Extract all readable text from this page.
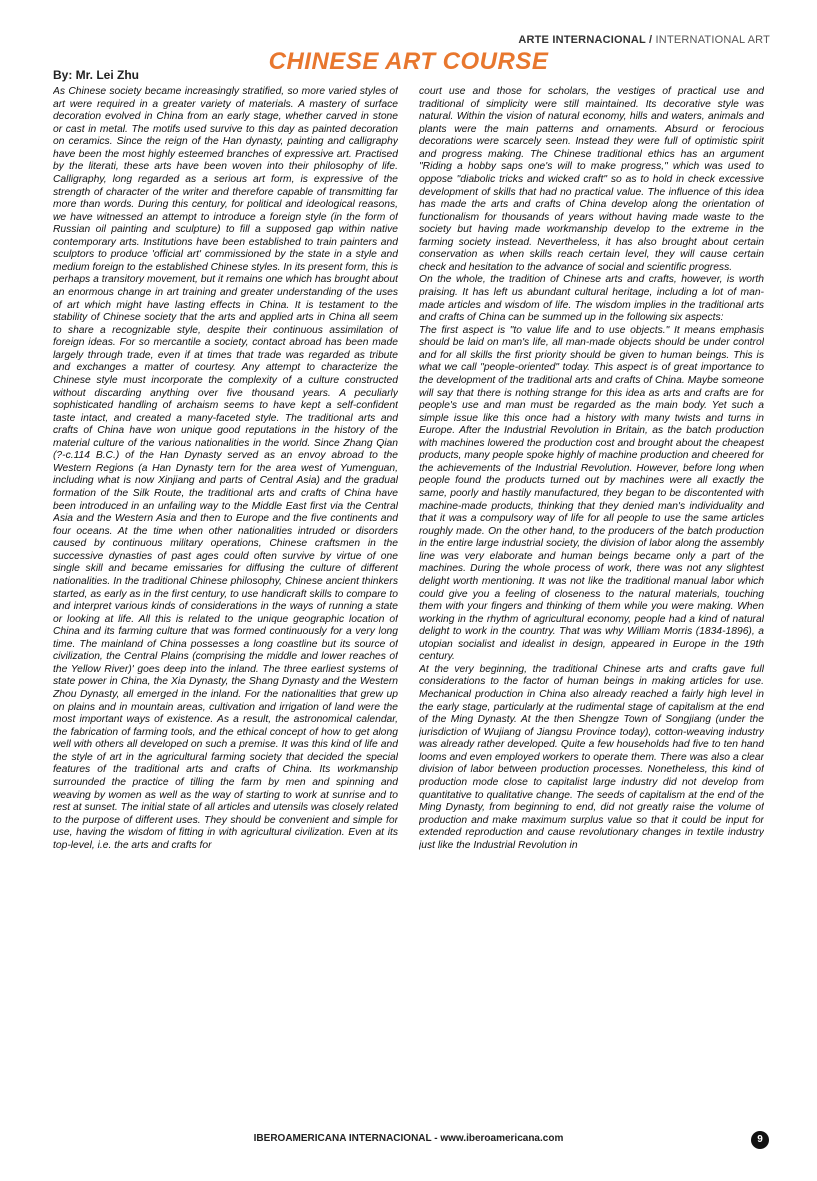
ARTE INTERNACIONAL / INTERNATIONAL ART
CHINESE ART COURSE
By: Mr. Lei Zhu

As Chinese society became increasingly stratified, so more varied styles of art were required in a greater variety of materials. A mastery of surface decoration evolved in China from an early stage, whether carved in stone or cast in metal. The motifs used survive to this day as painted decoration on ceramics. Since the reign of the Han dynasty, painting and calligraphy have been the most highly esteemed branches of expressive art. Practised by the literati, these arts have been woven into their philosophy of life. Calligraphy, long regarded as a serious art form, is expressive of the strength of character of the writer and therefore capable of transmitting far more than words. During this century, for political and ideological reasons, we have witnessed an attempt to introduce a foreign style (in the form of Russian oil painting and sculpture) to fill a supposed gap within native contemporary arts. Institutions have been established to train painters and sculptors to produce 'official art' commissioned by the state in a style and medium foreign to the established Chinese styles. In its present form, this is perhaps a transitory movement, but it remains one which has brought about an enormous change in art training and greater understanding of the uses of art which might have lasting effects in China. It is testament to the stability of Chinese society that the arts and applied arts in China all seem to share a recognizable style, despite their continuous assimilation of foreign ideas. For so mercantile a society, contact abroad has been made largely through trade, even if at times that trade was regarded as tribute and exchanges a matter of courtesy. Any attempt to characterize the Chinese style must incorporate the complexity of a culture constructed without discarding anything over five thousand years. A peculiarly sophisticated handling of archaism seems to have kept a self-confident taste intact, and created a many-faceted style. The traditional arts and crafts of China have won unique good reputations in the history of the material culture of the various nationalities in the world. Since Zhang Qian (?-c.114 B.C.) of the Han Dynasty served as an envoy abroad to the Western Regions (a Han Dynasty tern for the area west of Yumenguan, including what is now Xinjiang and parts of Central Asia) and the gradual formation of the Silk Route, the traditional arts and crafts of China have been introduced in an unfailing way to the Middle East first via the Central Asia and the Western Asia and then to Europe and the five continents and four oceans. At the time when other nationalities intruded or disorders caused by continuous military operations, Chinese craftsmen in the successive dynasties of past ages could often survive by virtue of one single skill and became emissaries for diffusing the culture of different nationalities. In the traditional Chinese philosophy, Chinese ancient thinkers started, as early as in the first century, to use handicraft skills to compare to and interpret various kinds of considerations in the ways of running a state or looking at life. All this is related to the unique geographic location of China and its farming culture that was formed continuously for a very long time. The mainland of China possesses a long coastline but its source of civilization, the Central Plains (comprising the middle and lower reaches of the Yellow River)' goes deep into the inland. The three earliest systems of state power in China, the Xia Dynasty, the Shang Dynasty and the Western Zhou Dynasty, all emerged in the inland. For the nationalities that grew up on plains and in mountain areas, cultivation and irrigation of land were the most important ways of existence. As a result, the astronomical calendar, the fabrication of farming tools, and the ethical concept of how to get along well with others all developed on such a premise. It was this kind of life and the style of art in the agricultural farming society that decided the special features of the traditional arts and crafts of China. Its workmanship surrounded the practice of tilling the farm by men and spinning and weaving by women as well as the way of starting to work at sunrise and to rest at sunset. The initial state of all articles and utensils was closely related to the purpose of different uses. They should be convenient and simple for use, having the wisdom of fitting in with agricultural civilization. Even at its top-level, i.e. the arts and crafts for

court use and those for scholars, the vestiges of practical use and traditional of simplicity were still maintained. Its decorative style was natural. Within the vision of natural economy, hills and waters, animals and plants were the main patterns and ornaments. Absurd or ferocious decorations were scarcely seen. Instead they were full of optimistic spirit and progress making. The Chinese traditional ethics has an argument "Riding a hobby saps one's will to make progress," which was used to oppose "diabolic tricks and wicked craft" so as to hold in check excessive development of skills that had no practical value. The influence of this idea has made the arts and crafts of China develop along the orientation of functionalism for thousands of years without having made waste to the society but having made workmanship develop to the extreme in the farming society instead. Nevertheless, it has also brought about certain conservation as when skills reach certain level, they will cause certain check and hesitation to the advance of social and scientific progress.

On the whole, the tradition of Chinese arts and crafts, however, is worth praising. It has left us abundant cultural heritage, including a lot of man-made articles and wisdom of life. The wisdom implies in the traditional arts and crafts of China can be summed up in the following six aspects:

The first aspect is "to value life and to use objects." It means emphasis should be laid on man's life, all man-made objects should be under control and for all skills the first priority should be given to human beings. This is what we call "people-oriented" today. This aspect is of great importance to the development of the traditional arts and crafts of China. Maybe someone will say that there is nothing strange for this idea as arts and crafts are for people's use and man must be regarded as the main body. Yet such a simple issue like this once had a history with many twists and turns in Europe. After the Industrial Revolution in Britain, as the batch production with machines lowered the production cost and brought about the cheapest products, many people spoke highly of machine production and cheered for the achievements of the Industrial Revolution. However, before long when people found the products turned out by machines were all exactly the same, poorly and hastily manufactured, they began to be discontented with machine-made products, thinking that they denied man's individuality and that it was a compulsory way of life for all people to use the same articles roughly made. On the other hand, to the producers of the batch production in the entire large industrial society, the division of labor along the assembly line was very elaborate and human beings became only a part of the machines. During the whole process of work, there was not any slightest delight worth mentioning. It was not like the traditional manual labor which could give you a feeling of closeness to the natural materials, touching them with your fingers and thinking of them while you were making. When working in the rhythm of agricultural economy, people had a kind of natural delight to work in the country. That was why William Morris (1834-1896), a utopian socialist and idealist in design, appeared in Europe in the 19th century.

At the very beginning, the traditional Chinese arts and crafts gave full considerations to the factor of human beings in making articles for use. Mechanical production in China also already reached a fairly high level in the early stage, particularly at the rudimental stage of capitalism at the end of the Ming Dynasty. At the then Shengze Town of Songjiang (under the jurisdiction of Wujiang of Jiangsu Province today), cotton-weaving industry was already rather developed. Quite a few households had five to ten hand looms and even employed workers to operate them. There was also a clear division of labor between production processes. Nonetheless, this kind of production mode close to capitalist large industry did not develop from quantitative to qualitative change. The seeds of capitalism at the end of the Ming Dynasty, from beginning to end, did not greatly raise the volume of production and make maximum surplus value so that it could be input for extended reproduction and cause revolutionary changes in textile industry just like the Industrial Revolution in

IBEROAMERICANA INTERNACIONAL - www.iberoamericana.com	9
